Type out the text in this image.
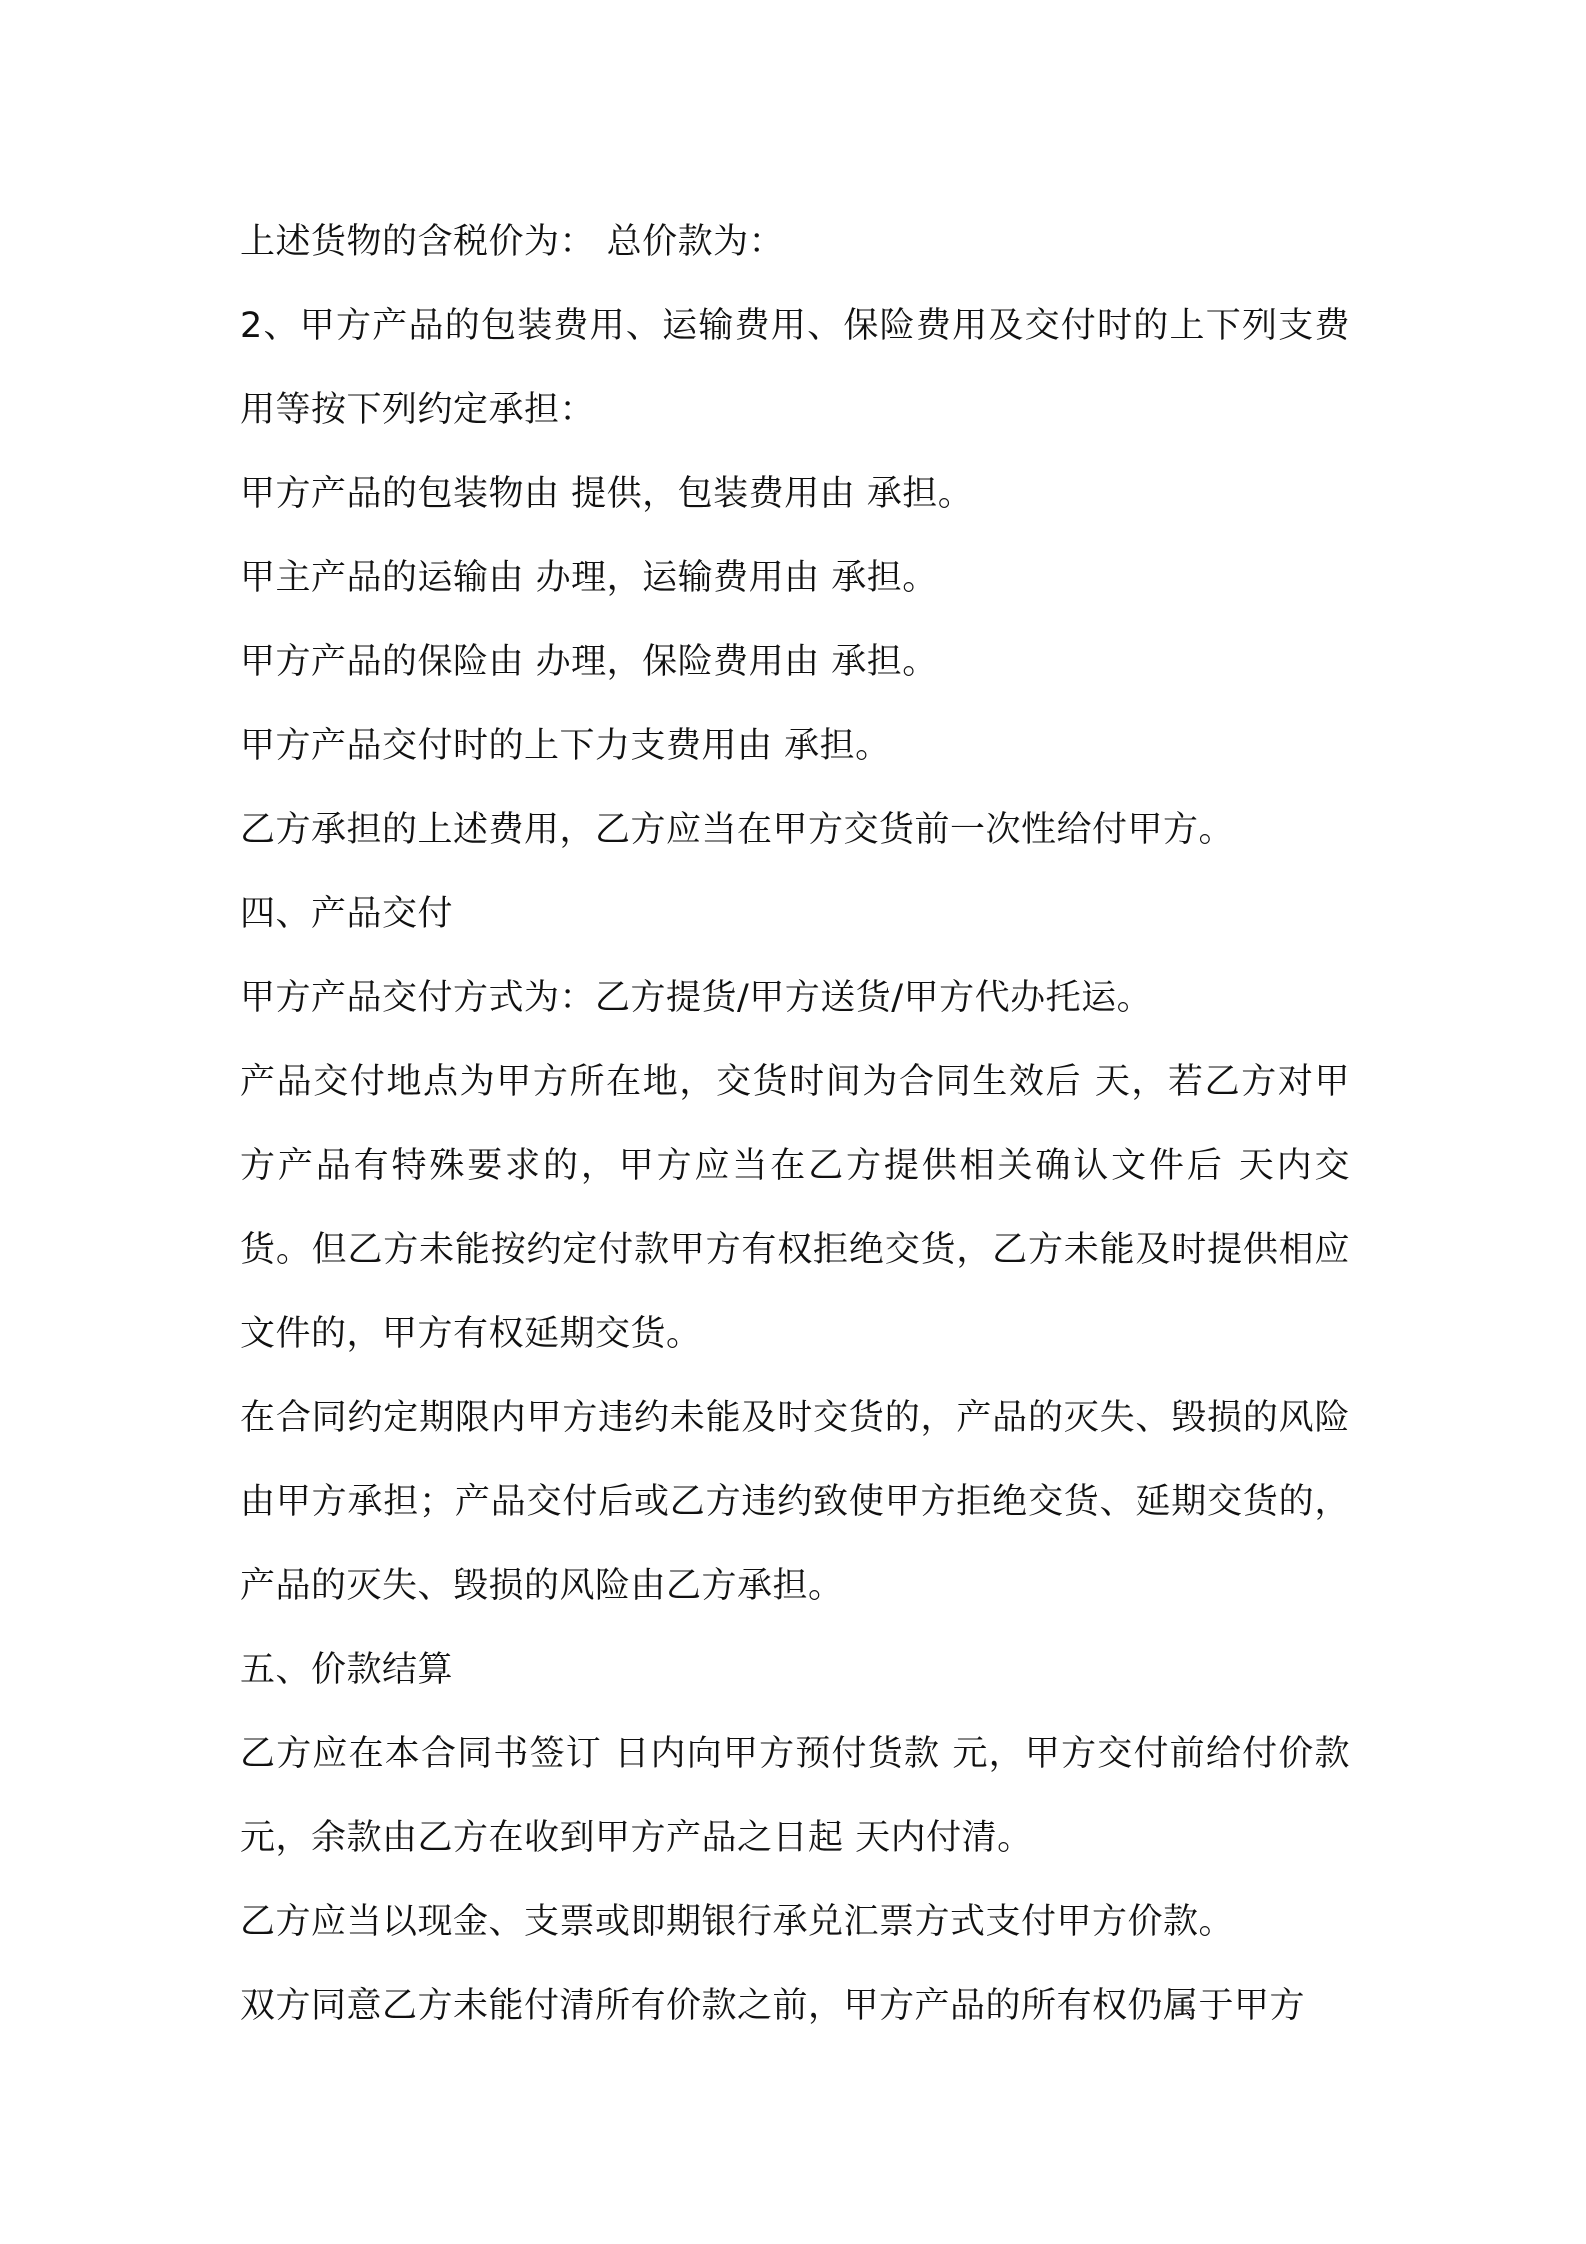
上述货物的含税价为： 总价款为：

2、甲方产品的包装费用、运输费用、保险费用及交付时的上下列支费用等按下列约定承担：

甲方产品的包装物由 提供，包装费用由 承担。

甲主产品的运输由 办理，运输费用由 承担。

甲方产品的保险由 办理，保险费用由 承担。

甲方产品交付时的上下力支费用由 承担。

乙方承担的上述费用，乙方应当在甲方交货前一次性给付甲方。

四、产品交付

甲方产品交付方式为：乙方提货/甲方送货/甲方代办托运。

产品交付地点为甲方所在地，交货时间为合同生效后 天，若乙方对甲方产品有特殊要求的，甲方应当在乙方提供相关确认文件后 天内交货。但乙方未能按约定付款甲方有权拒绝交货，乙方未能及时提供相应文件的，甲方有权延期交货。

在合同约定期限内甲方违约未能及时交货的，产品的灭失、毁损的风险由甲方承担；产品交付后或乙方违约致使甲方拒绝交货、延期交货的，产品的灭失、毁损的风险由乙方承担。

五、价款结算

乙方应在本合同书签订 日内向甲方预付货款 元，甲方交付前给付价款 元，余款由乙方在收到甲方产品之日起 天内付清。

乙方应当以现金、支票或即期银行承兑汇票方式支付甲方价款。

双方同意乙方未能付清所有价款之前，甲方产品的所有权仍属于甲方
